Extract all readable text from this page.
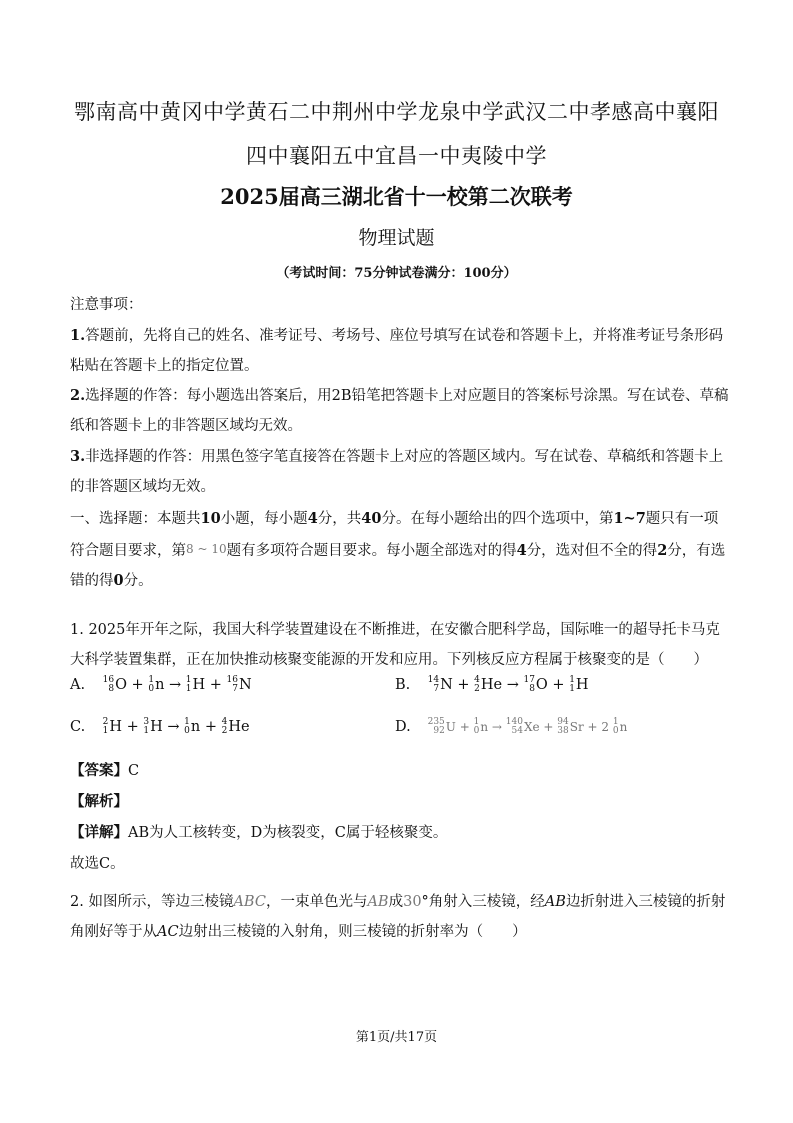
鄂南高中黄冈中学黄石二中荆州中学龙泉中学武汉二中孝感高中襄阳
四中襄阳五中宜昌一中夷陵中学
2025届高三湖北省十一校第二次联考
物理试题
（考试时间：75分钟试卷满分：100分）
注意事项：
1.答题前，先将自己的姓名、准考证号、考场号、座位号填写在试卷和答题卡上，并将准考证号条形码粘贴在答题卡上的指定位置。
2.选择题的作答：每小题选出答案后，用2B铅笔把答题卡上对应题目的答案标号涂黑。写在试卷、草稿纸和答题卡上的非答题区域均无效。
3.非选择题的作答：用黑色签字笔直接答在答题卡上对应的答题区域内。写在试卷、草稿纸和答题卡上的非答题区域均无效。
一、选择题：本题共10小题，每小题4分，共40分。在每小题给出的四个选项中，第1~7题只有一项符合题目要求，第8 ~ 10题有多项符合题目要求。每小题全部选对的得4分，选对但不全的得2分，有选错的得0分。
1. 2025年开年之际，我国大科学装置建设在不断推进，在安徽合肥科学岛，国际唯一的超导托卡马克大科学装置集群，正在加快推动核聚变能源的开发和应用。下列核反应方程属于核聚变的是（　　）
A. 16
8 O + 1
0 n → 1
1 H + 16
7 N	B. 14
7 N + 4
2 He → 17
8 O + 1
1 H
C. 2
1 H + 3
1 H → 1
0 n + 4
2 He	D. 235
92 U + 1
0 n → 140
54 Xe + 94
38 Sr + 2 1
0 n
【答案】C
【解析】
【详解】AB为人工核转变，D为核裂变，C属于轻核聚变。
故选C。
2. 如图所示，等边三棱镜ABC，一束单色光与AB成30°角射入三棱镜，经AB边折射进入三棱镜的折射角刚好等于从AC边射出三棱镜的入射角，则三棱镜的折射率为（　　）
第1页/共17页
